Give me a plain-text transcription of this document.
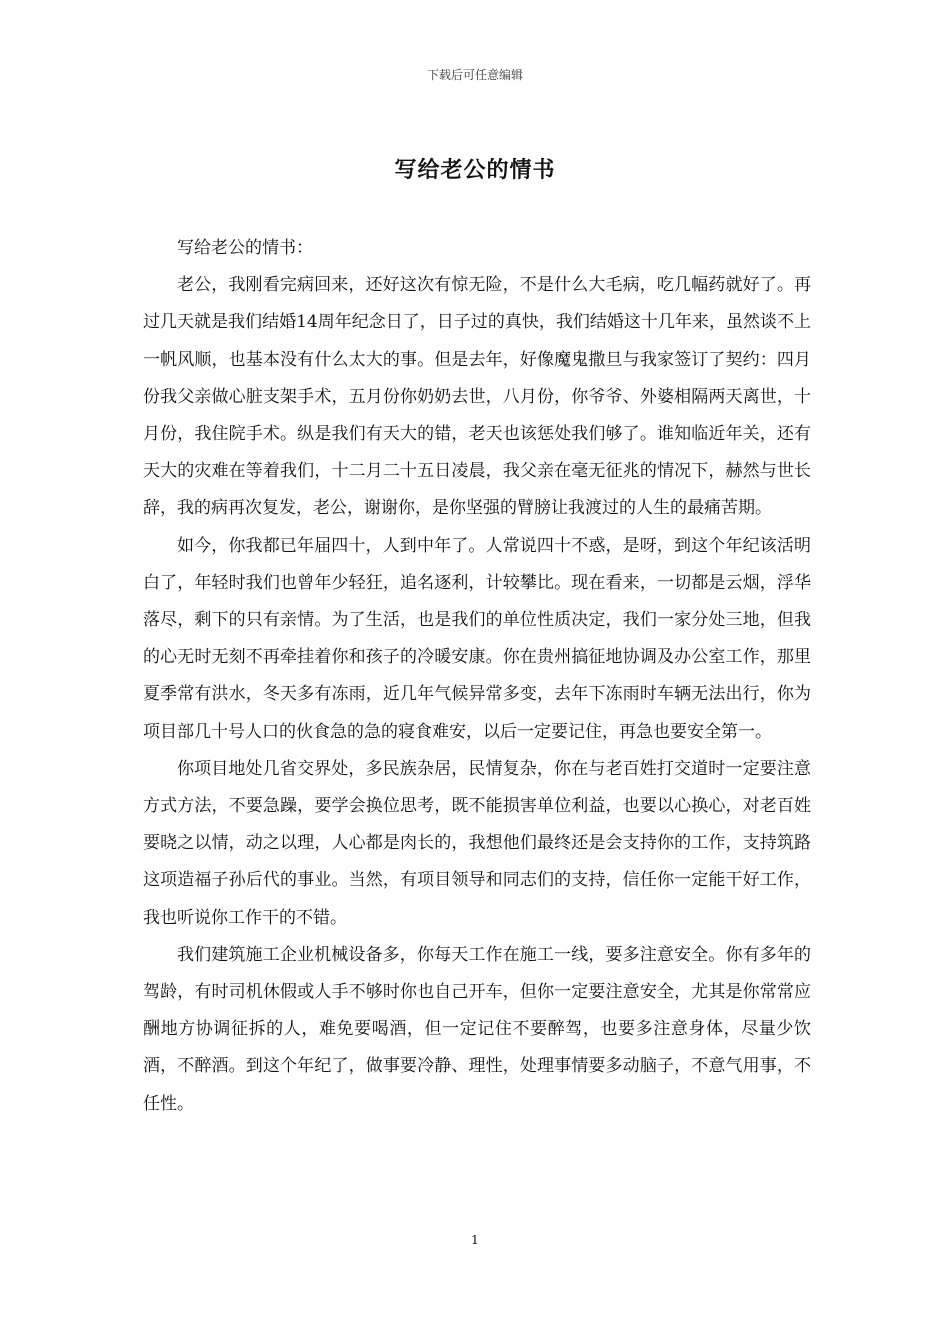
下载后可任意编辑
写给老公的情书

写给老公的情书：

老公，我刚看完病回来，还好这次有惊无险，不是什么大毛病，吃几幅药就好了。再过几天就是我们结婚14周年纪念日了，日子过的真快，我们结婚这十几年来，虽然谈不上一帆风顺，也基本没有什么太大的事。但是去年，好像魔鬼撒旦与我家签订了契约：四月份我父亲做心脏支架手术，五月份你奶奶去世，八月份，你爷爷、外婆相隔两天离世，十月份，我住院手术。纵是我们有天大的错，老天也该惩处我们够了。谁知临近年关，还有天大的灾难在等着我们，十二月二十五日凌晨，我父亲在毫无征兆的情况下，赫然与世长辞，我的病再次复发，老公，谢谢你，是你坚强的臂膀让我渡过的人生的最痛苦期。

如今，你我都已年届四十，人到中年了。人常说四十不惑，是呀，到这个年纪该活明白了，年轻时我们也曾年少轻狂，追名逐利，计较攀比。现在看来，一切都是云烟，浮华落尽，剩下的只有亲情。为了生活，也是我们的单位性质决定，我们一家分处三地，但我的心无时无刻不再牵挂着你和孩子的冷暖安康。你在贵州搞征地协调及办公室工作，那里夏季常有洪水，冬天多有冻雨，近几年气候异常多变，去年下冻雨时车辆无法出行，你为项目部几十号人口的伙食急的急的寝食难安，以后一定要记住，再急也要安全第一。

你项目地处几省交界处，多民族杂居，民情复杂，你在与老百姓打交道时一定要注意方式方法，不要急躁，要学会换位思考，既不能损害单位利益，也要以心换心，对老百姓要晓之以情，动之以理，人心都是肉长的，我想他们最终还是会支持你的工作，支持筑路这项造福子孙后代的事业。当然，有项目领导和同志们的支持，信任你一定能干好工作，我也听说你工作干的不错。

我们建筑施工企业机械设备多，你每天工作在施工一线，要多注意安全。你有多年的驾龄，有时司机休假或人手不够时你也自己开车，但你一定要注意安全，尤其是你常常应酬地方协调征拆的人，难免要喝酒，但一定记住不要醉驾，也要多注意身体，尽量少饮酒，不醉酒。到这个年纪了，做事要冷静、理性，处理事情要多动脑子，不意气用事，不任性。

1
